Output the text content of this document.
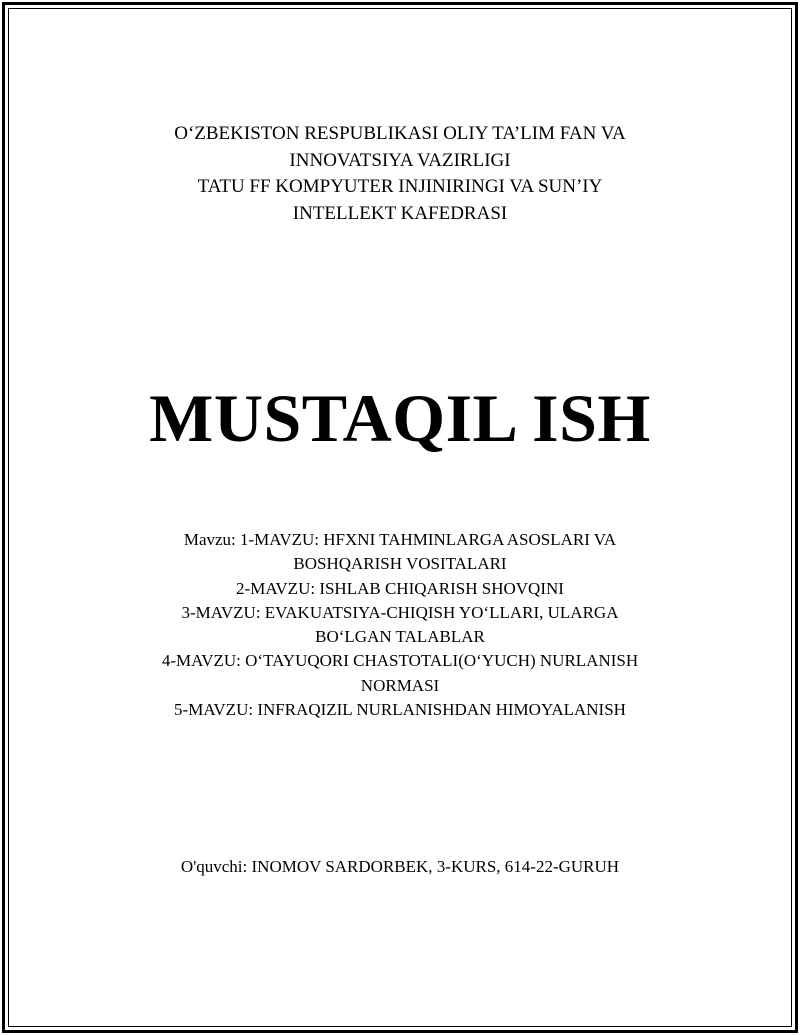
O‘ZBEKISTON RESPUBLIKASI OLIY TA’LIM FAN VA
INNOVATSIYA VAZIRLIGI
TATU FF KOMPYUTER INJINIRINGI VA SUN’IY
INTELLEKT KAFEDRASI
MUSTAQIL ISH
Mavzu: 1-MAVZU: HFXNI TAHMINLARGA ASOSLARI VA
BOSHQARISH VOSITALARI
2-MAVZU: ISHLAB CHIQARISH SHOVQINI
3-MAVZU: EVAKUATSIYA-CHIQISH YO‘LLARI, ULARGA
BO‘LGAN TALABLAR
4-MAVZU: O‘TAYUQORI CHASTOTALI(O‘YUCH) NURLANISH
NORMASI
5-MAVZU: INFRAQIZIL NURLANISHDAN HIMOYALANISH
O'quvchi: INOMOV SARDORBEK, 3-KURS, 614-22-GURUH
